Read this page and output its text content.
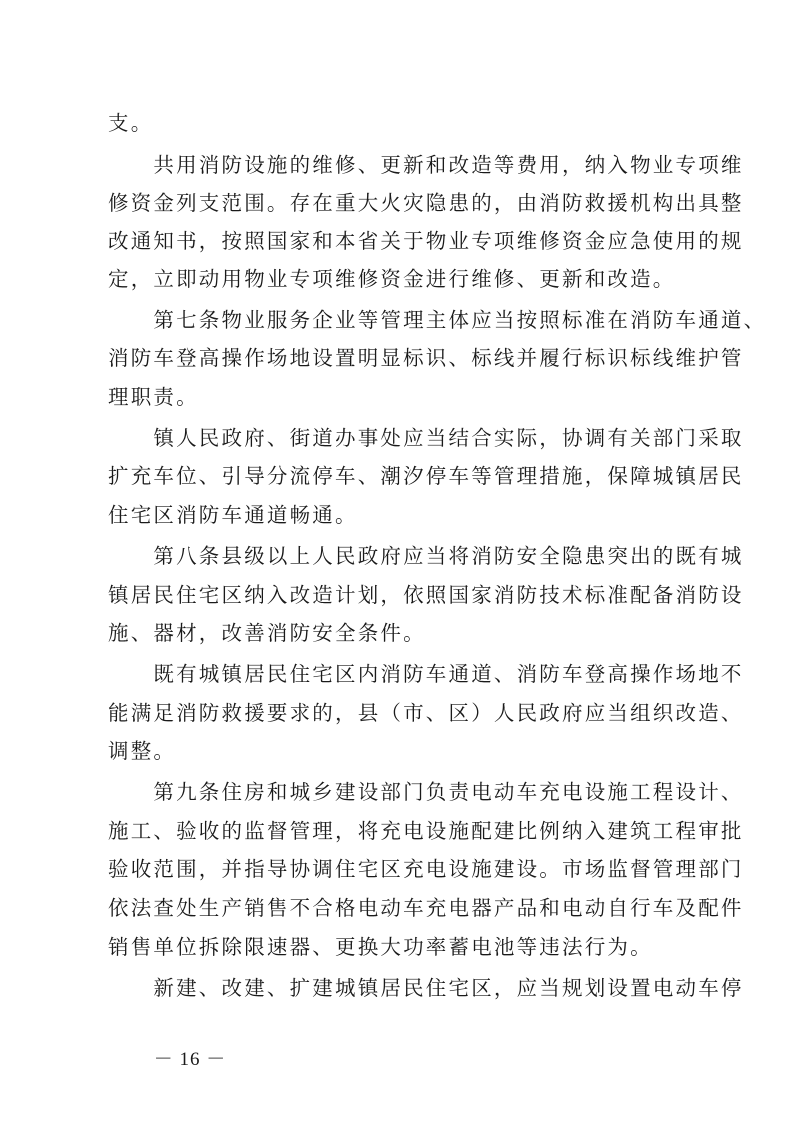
支。
　　共用消防设施的维修、更新和改造等费用，纳入物业专项维
修资金列支范围。存在重大火灾隐患的，由消防救援机构出具整
改通知书，按照国家和本省关于物业专项维修资金应急使用的规
定，立即动用物业专项维修资金进行维修、更新和改造。
　　第七条物业服务企业等管理主体应当按照标准在消防车通道、
消防车登高操作场地设置明显标识、标线并履行标识标线维护管
理职责。
　　镇人民政府、街道办事处应当结合实际，协调有关部门采取
扩充车位、引导分流停车、潮汐停车等管理措施，保障城镇居民
住宅区消防车通道畅通。
　　第八条县级以上人民政府应当将消防安全隐患突出的既有城
镇居民住宅区纳入改造计划，依照国家消防技术标准配备消防设
施、器材，改善消防安全条件。
　　既有城镇居民住宅区内消防车通道、消防车登高操作场地不
能满足消防救援要求的，县（市、区）人民政府应当组织改造、
调整。
　　第九条住房和城乡建设部门负责电动车充电设施工程设计、
施工、验收的监督管理，将充电设施配建比例纳入建筑工程审批
验收范围，并指导协调住宅区充电设施建设。市场监督管理部门
依法查处生产销售不合格电动车充电器产品和电动自行车及配件
销售单位拆除限速器、更换大功率蓄电池等违法行为。
　　新建、改建、扩建城镇居民住宅区，应当规划设置电动车停
－ 16 －
